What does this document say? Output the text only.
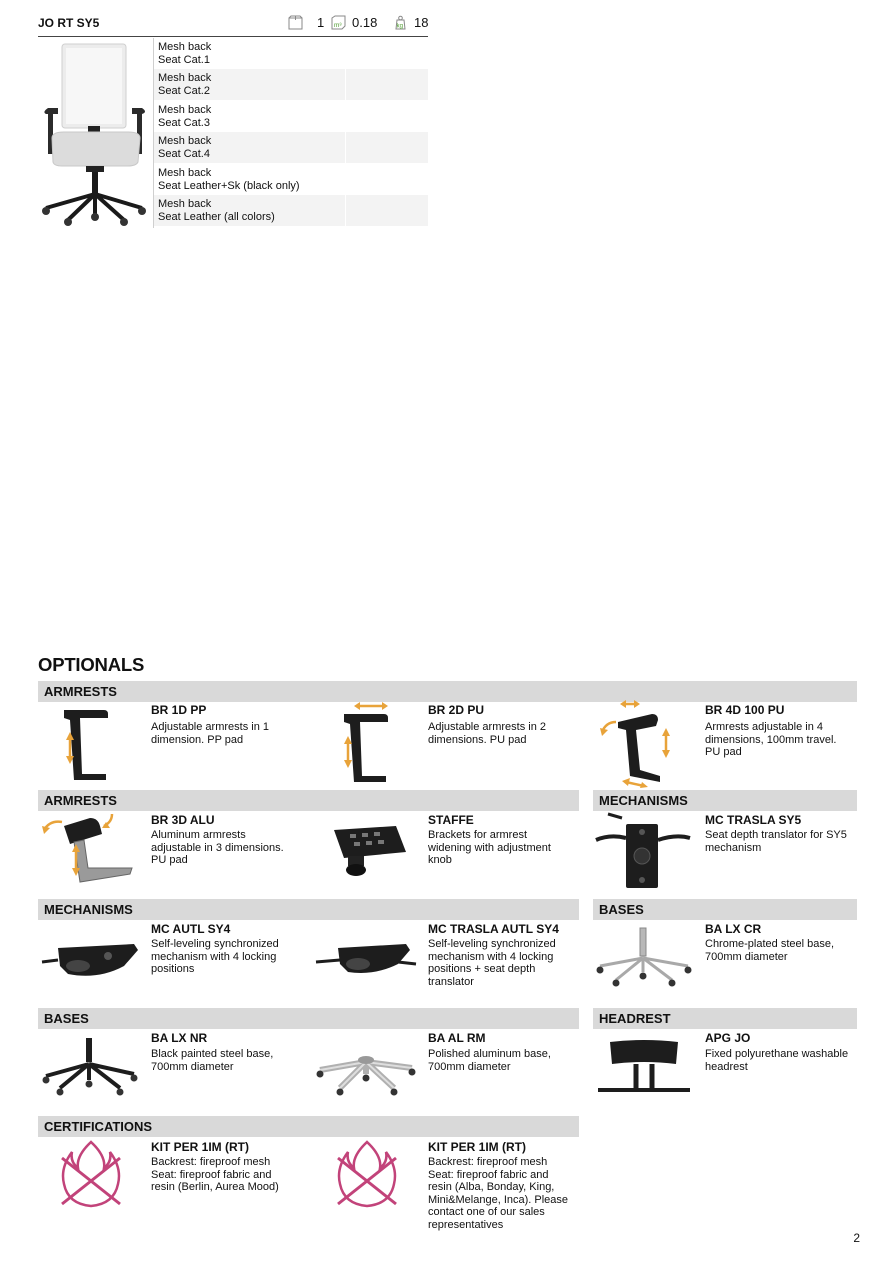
JO RT SY5	1 m³ 0.18	kg 18
Mesh back
Seat Cat.1
Mesh back
Seat Cat.2
Mesh back
Seat Cat.3
Mesh back
Seat Cat.4
Mesh back
Seat Leather+Sk (black only)
Mesh back
Seat Leather (all colors)
OPTIONALS
ARMRESTS
BR 1D PP
Adjustable armrests in 1
dimension. PP pad
BR 2D PU
Adjustable armrests in 2
dimensions. PU pad
BR 4D 100 PU
Armrests adjustable in 4
dimensions, 100mm travel.
PU pad
ARMRESTS	MECHANISMS
BR 3D ALU
Aluminum armrests
adjustable in 3 dimensions.
PU pad
STAFFE
Brackets for armrest
widening with adjustment
knob
MC TRASLA SY5
Seat depth translator for SY5
mechanism
MECHANISMS	BASES
MC AUTL SY4
Self-leveling synchronized
mechanism with 4 locking
positions
MC TRASLA AUTL SY4
Self-leveling synchronized
mechanism with 4 locking
positions + seat depth
translator
BA LX CR
Chrome-plated steel base,
700mm diameter
BASES	HEADREST
BA LX NR
Black painted steel base,
700mm diameter
BA AL RM
Polished aluminum base,
700mm diameter
APG JO
Fixed polyurethane washable
headrest
CERTIFICATIONS
KIT PER 1IM (RT)
Backrest: fireproof mesh
Seat: fireproof fabric and
resin (Berlin, Aurea Mood)
KIT PER 1IM (RT)
Backrest: fireproof mesh
Seat: fireproof fabric and
resin (Alba, Bonday, King,
Mini&Melange, Inca). Please
contact one of our sales
representatives
2
